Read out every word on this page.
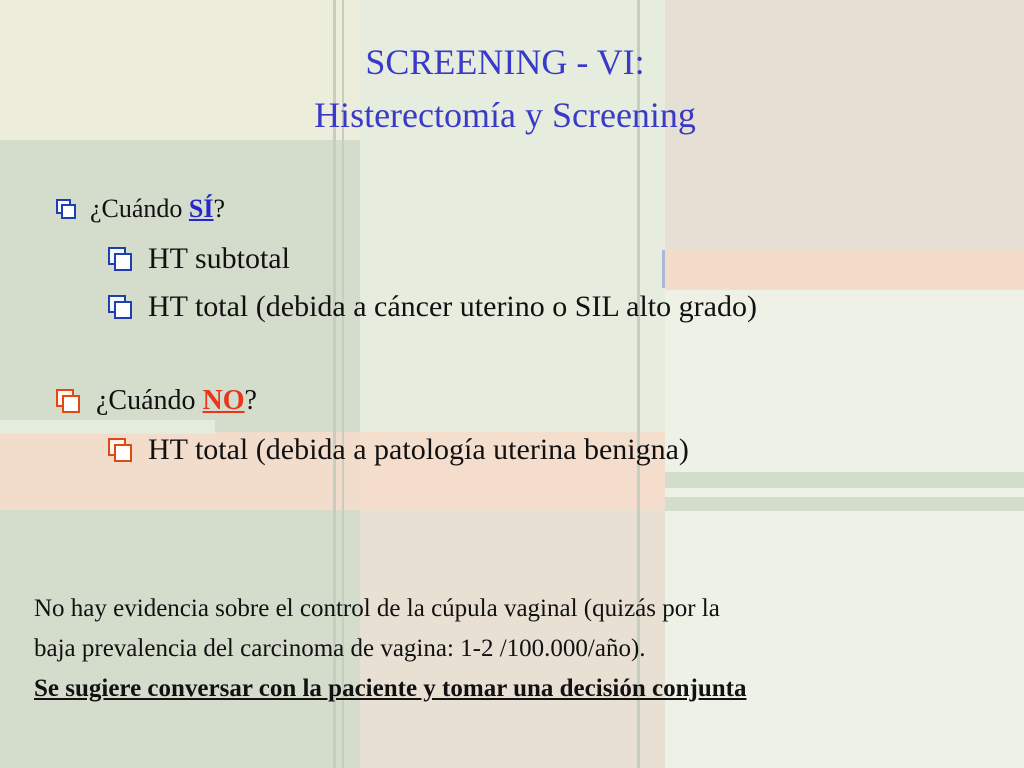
SCREENING - VI:
Histerectomía y Screening
¿Cuándo SÍ ?
HT subtotal
HT total (debida a cáncer uterino o SIL alto grado)
¿Cuándo NO ?
HT total (debida a patología uterina benigna)
No hay evidencia sobre el control de la cúpula vaginal (quizás por la
baja prevalencia del carcinoma de vagina: 1-2 /100.000/año).
Se sugiere conversar con la paciente y tomar una decisión conjunta
